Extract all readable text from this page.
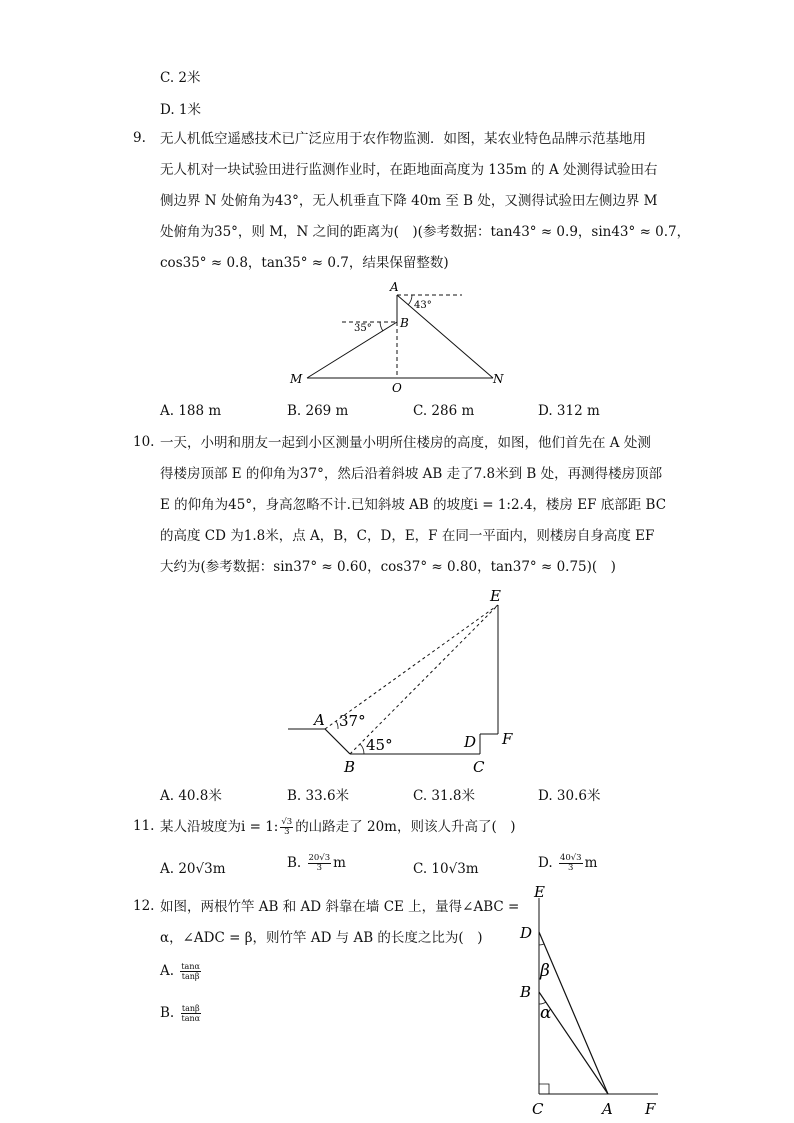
C. 2米
D. 1米
9. 无人机低空遥感技术已广泛应用于农作物监测．如图，某农业特色品牌示范基地用
无人机对一块试验田进行监测作业时，在距地面高度为 135m 的 A 处测得试验田右
侧边界 N 处俯角为43°，无人机垂直下降 40m 至 B 处，又测得试验田左侧边界 M
处俯角为35°，则 M，N 之间的距离为(　)(参考数据：tan43° ≈ 0.9，sin43° ≈ 0.7，
cos35° ≈ 0.8，tan35° ≈ 0.7，结果保留整数)
A
43°
B
35°
M
O
N
A. 188 m	B. 269 m	C. 286 m	D. 312 m
10. 一天，小明和朋友一起到小区测量小明所住楼房的高度，如图，他们首先在 A 处测
得楼房顶部 E 的仰角为37°，然后沿着斜坡 AB 走了7.8米到 B 处，再测得楼房顶部
E 的仰角为45°，身高忽略不计.已知斜坡 AB 的坡度i = 1:2.4，楼房 EF 底部距 BC
的高度 CD 为1.8米，点 A，B，C，D，E，F 在同一平面内，则楼房自身高度 EF
大约为(参考数据：sin37° ≈ 0.60，cos37° ≈ 0.80，tan37° ≈ 0.75)(　)
E
A 37°
45°
B	C
D F
A. 40.8米	B. 33.6米	C. 31.8米	D. 30.6米
11. 某人沿坡度为i = 1: $\frac{√3}{3}$ 的山路走了 20m，则该人升高了(　)
A. 20√3m	B. $\frac{20√3}{3}$ m	C. 10√3m	D. $\frac{40√3}{3}$ m
12. 如图，两根竹竿 AB 和 AD 斜靠在墙 CE 上，量得∠ABC =
α，∠ADC = β，则竹竿 AD 与 AB 的长度之比为(　)
A. $\frac{\tan\alpha}{\tan\beta}$
B. $\frac{\tan\beta}{\tan\alpha}$
E
D
β
B
α
C	A F
